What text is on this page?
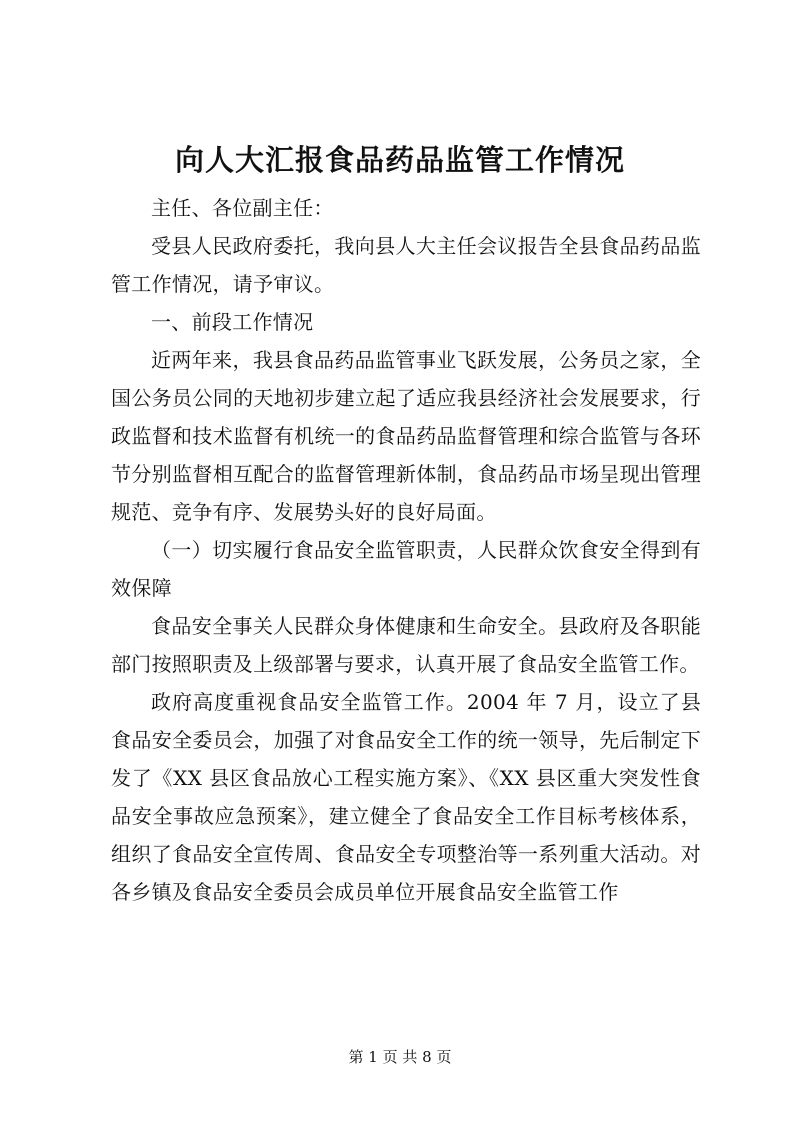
向人大汇报食品药品监管工作情况

主任、各位副主任：

受县人民政府委托，我向县人大主任会议报告全县食品药品监管工作情况，请予审议。

一、前段工作情况

近两年来，我县食品药品监管事业飞跃发展，公务员之家，全国公务员公同的天地初步建立起了适应我县经济社会发展要求，行政监督和技术监督有机统一的食品药品监督管理和综合监管与各环节分别监督相互配合的监督管理新体制，食品药品市场呈现出管理规范、竞争有序、发展势头好的良好局面。

（一）切实履行食品安全监管职责，人民群众饮食安全得到有效保障

食品安全事关人民群众身体健康和生命安全。县政府及各职能部门按照职责及上级部署与要求，认真开展了食品安全监管工作。

政府高度重视食品安全监管工作。2004 年 7 月，设立了县食品安全委员会，加强了对食品安全工作的统一领导，先后制定下发了《XX 县区食品放心工程实施方案》、《XX 县区重大突发性食品安全事故应急预案》，建立健全了食品安全工作目标考核体系，组织了食品安全宣传周、食品安全专项整治等一系列重大活动。对各乡镇及食品安全委员会成员单位开展食品安全监管工作

第 1 页 共 8 页
